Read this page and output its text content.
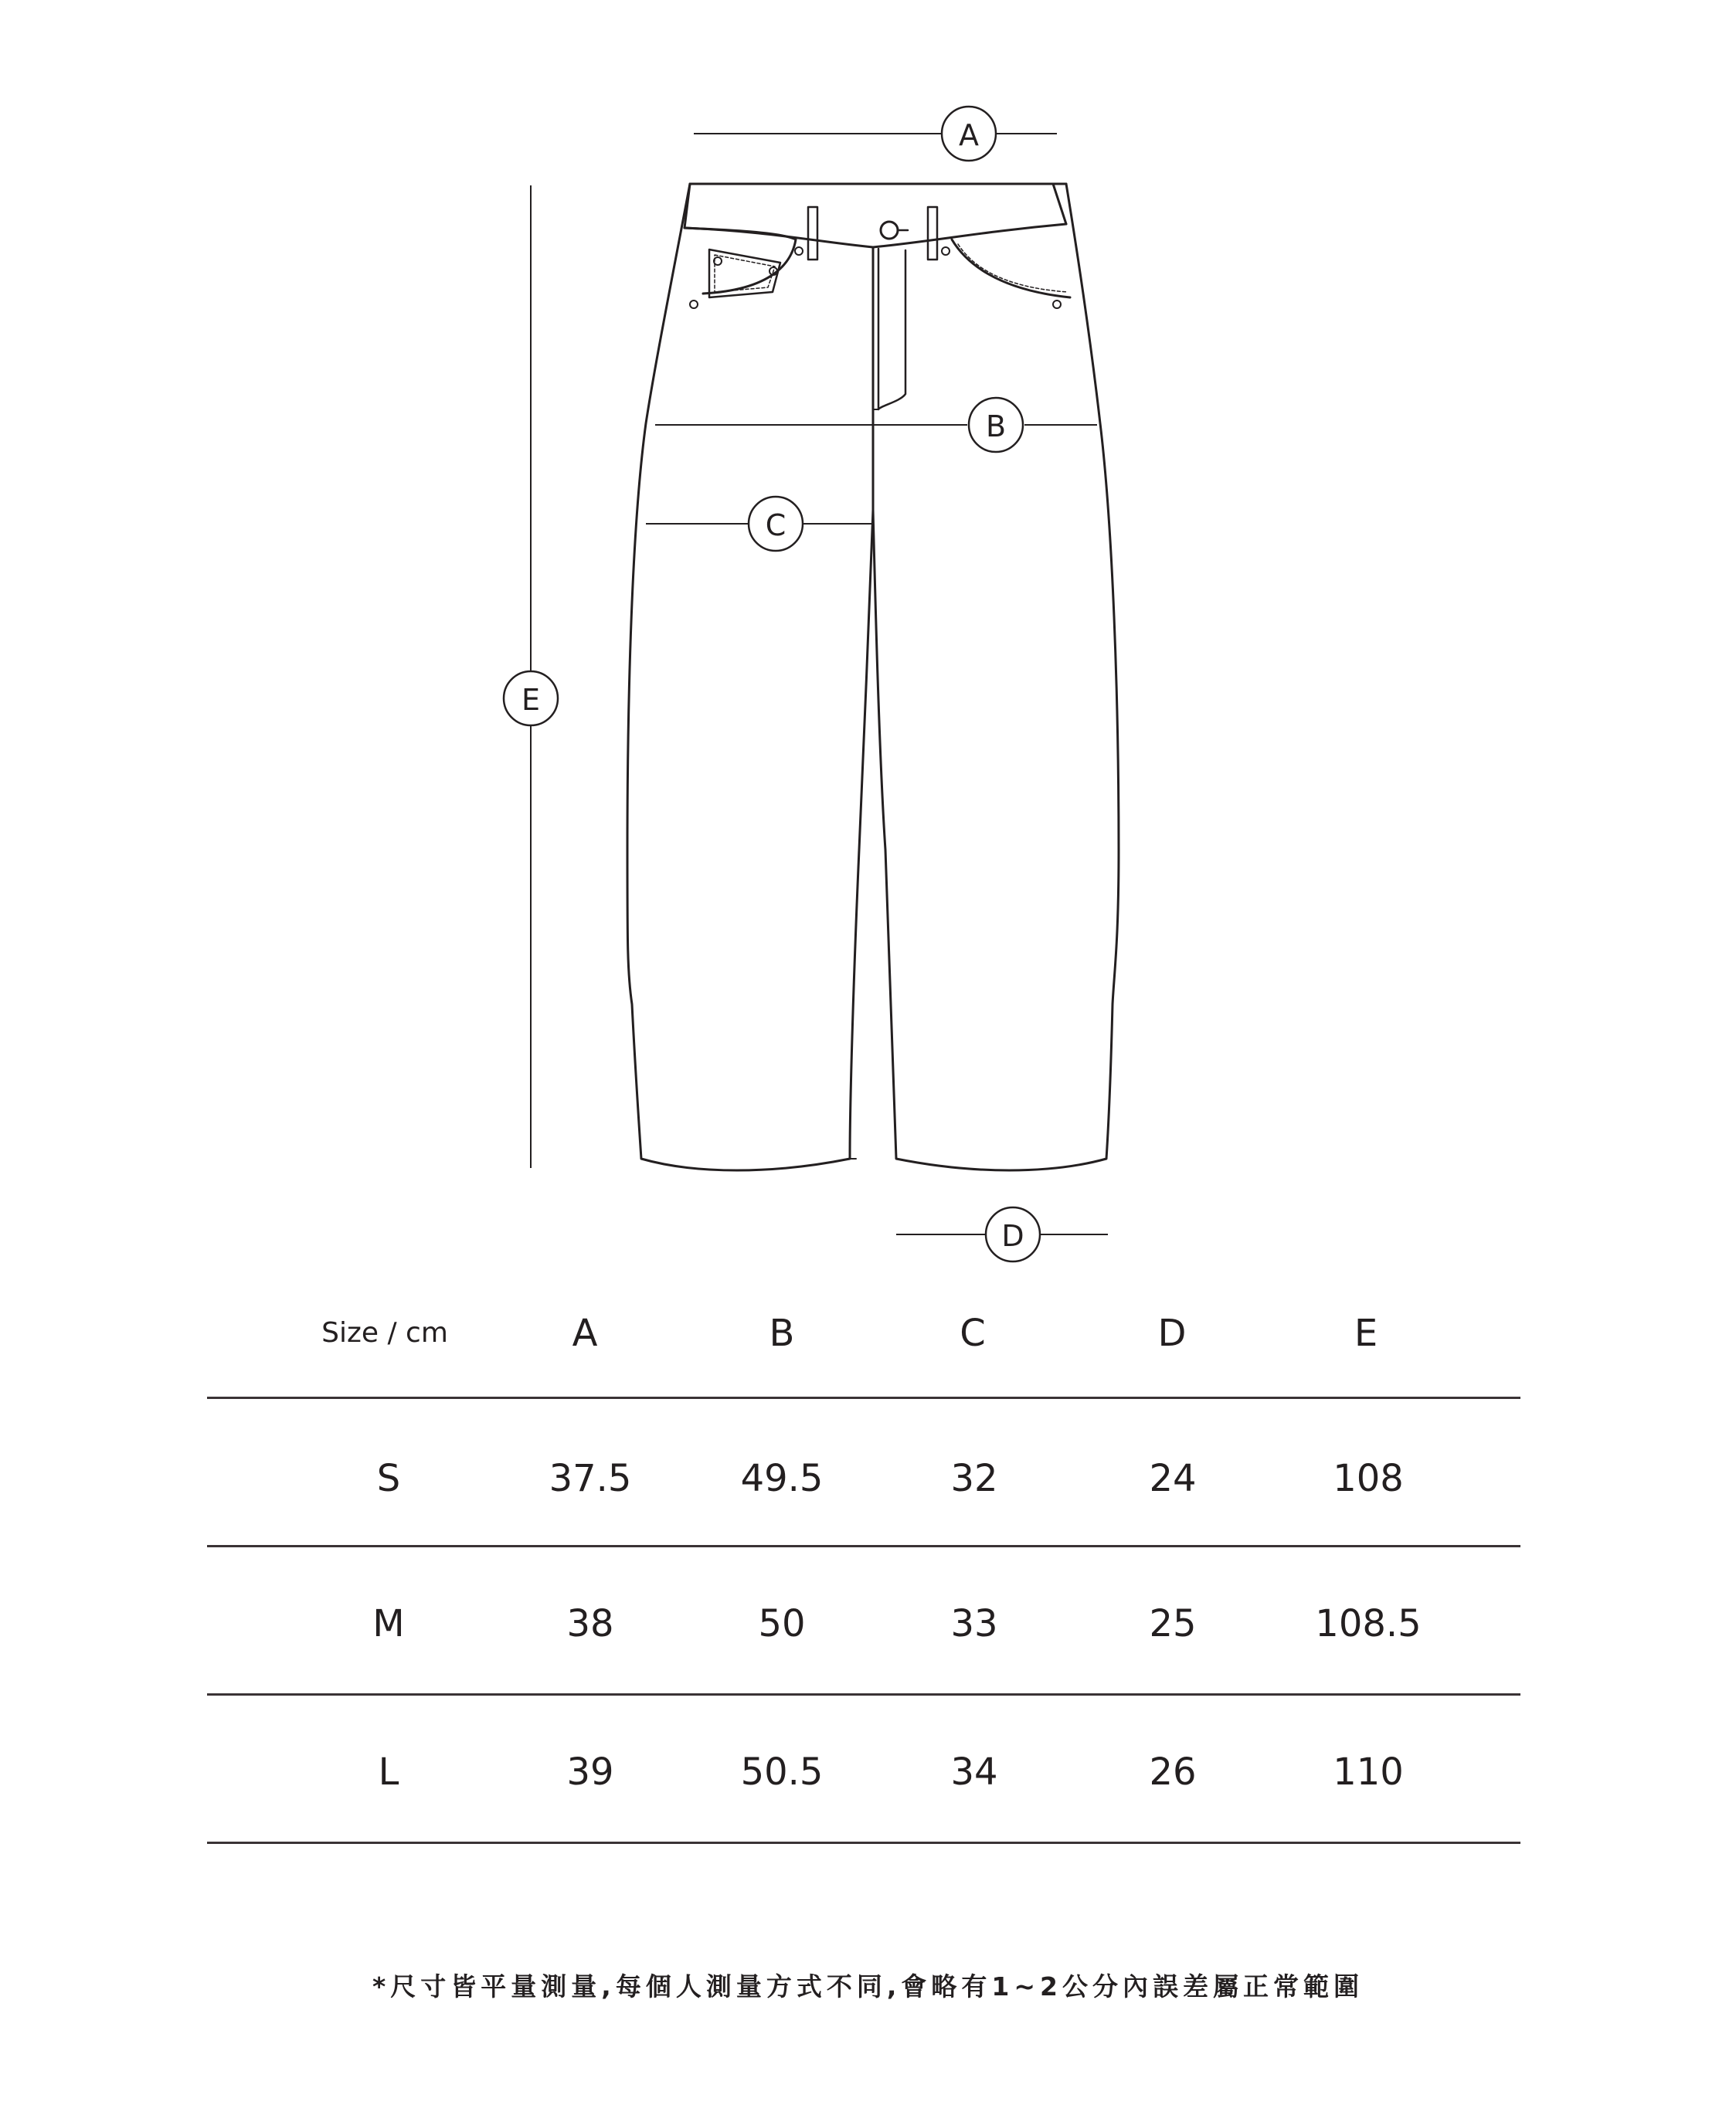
A
B
C
D
E
Size / cm	A	B	C	D	E
S	37.5	49.5	32	24	108
M	38	50	33	25	108.5
L	39	50.5	34	26	110
*尺寸皆平量測量,每個人測量方式不同,會略有1~2公分內誤差屬正常範圍
